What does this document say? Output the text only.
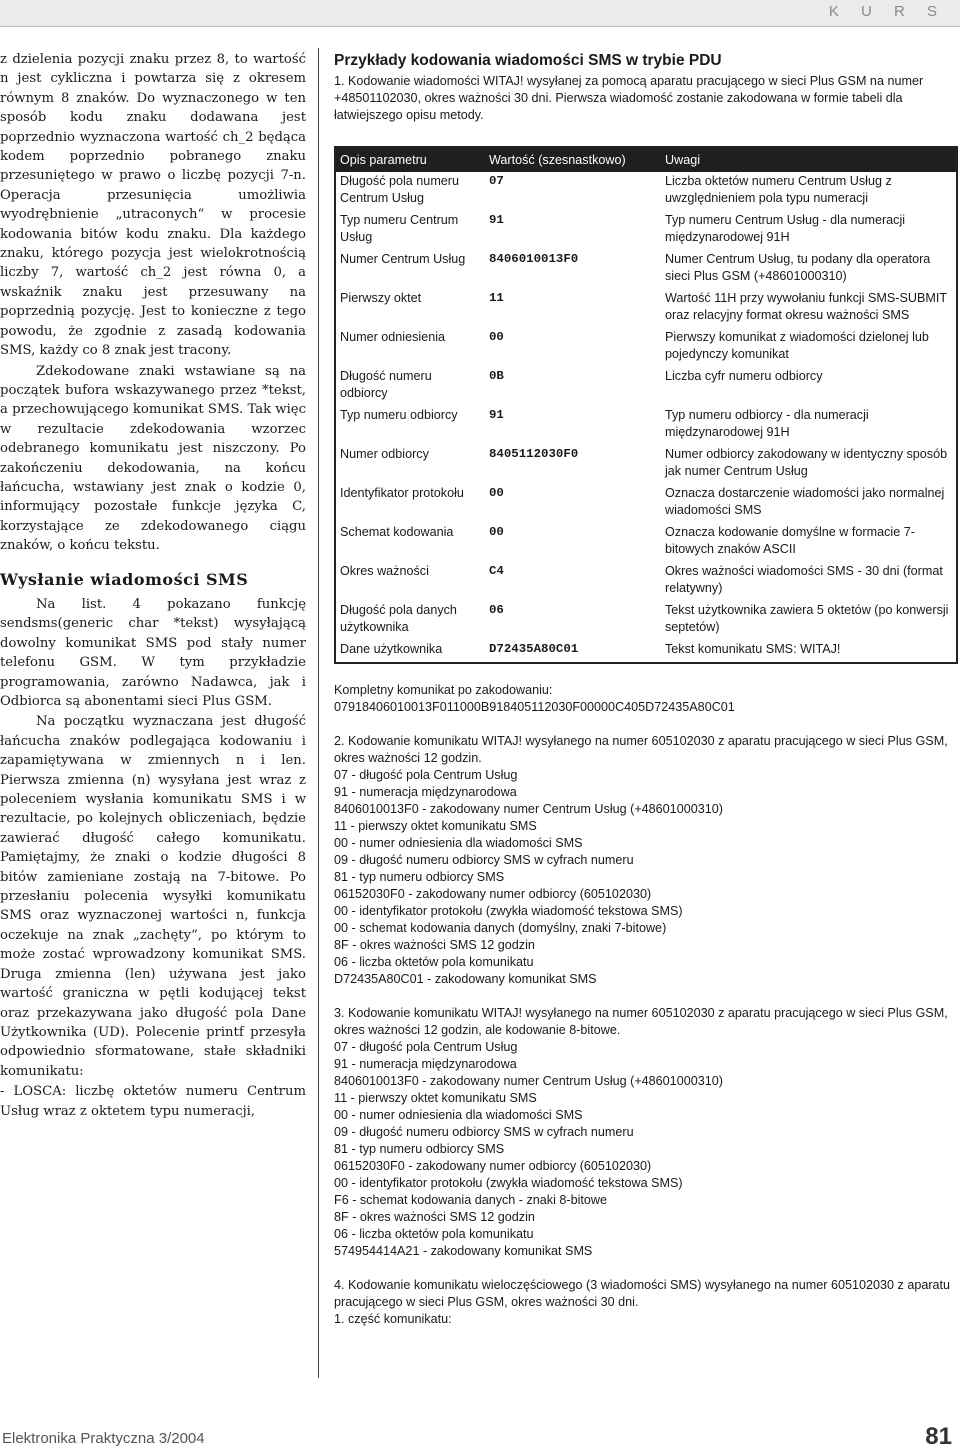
K U R S

z dzielenia pozycji znaku przez 8, to wartość n jest cykliczna i powtarza się z okresem równym 8 znaków. Do wyznaczonego w ten sposób kodu znaku dodawana jest poprzednio wyznaczona wartość ch_2 będąca kodem poprzednio pobranego znaku przesuniętego w prawo o liczbę pozycji 7-n. Operacja przesunięcia umożliwia wyodrębnienie „utraconych“ w procesie kodowania bitów kodu znaku. Dla każdego znaku, którego pozycja jest wielokrotnością liczby 7, wartość ch_2 jest równa 0, a wskaźnik znaku jest przesuwany na poprzednią pozycję. Jest to konieczne z tego powodu, że zgodnie z zasadą kodowania SMS, każdy co 8 znak jest tracony.

Zdekodowane znaki wstawiane są na początek bufora wskazywanego przez *tekst, a przechowującego komunikat SMS. Tak więc w rezultacie zdekodowania wzorzec odebranego komunikatu jest niszczony. Po zakończeniu dekodowania, na końcu łańcucha, wstawiany jest znak o kodzie 0, informujący pozostałe funkcje języka C, korzystające ze zdekodowanego ciągu znaków, o końcu tekstu.

Wysłanie wiadomości SMS

Na list. 4 pokazano funkcję sendsms(generic char *tekst) wysyłającą dowolny komunikat SMS pod stały numer telefonu GSM. W tym przykładzie programowania, zarówno Nadawca, jak i Odbiorca są abonentami sieci Plus GSM.

Na początku wyznaczana jest długość łańcucha znaków podlegająca kodowaniu i zapamiętywana w zmiennych n i len. Pierwsza zmienna (n) wysyłana jest wraz z poleceniem wysłania komunikatu SMS i w rezultacie, po kolejnych obliczeniach, będzie zawierać długość całego komunikatu. Pamiętajmy, że znaki o kodzie długości 8 bitów zamieniane zostają na 7-bitowe. Po przesłaniu polecenia wysyłki komunikatu SMS oraz wyznaczonej wartości n, funkcja oczekuje na znak „zachęty“, po którym to może zostać wprowadzony komunikat SMS. Druga zmienna (len) używana jest jako wartość graniczna w pętli kodującej tekst oraz przekazywana jako długość pola Dane Użytkownika (UD). Polecenie printf przesyła odpowiednio sformatowane, stałe składniki komunikatu:

- LOSCA: liczbę oktetów numeru Centrum Usług wraz z oktetem typu numeracji,

Przykłady kodowania wiadomości SMS w trybie PDU

1. Kodowanie wiadomości WITAJ! wysyłanej za pomocą aparatu pracującego w sieci Plus GSM na numer +48501102030, okres ważności 30 dni. Pierwsza wiadomość zostanie zakodowana w formie tabeli dla łatwiejszego opisu metody.

Opis parametru	Wartość (szesnastkowo)	Uwagi
Długość pola numeru Centrum Usług	07	Liczba oktetów numeru Centrum Usług z uwzględnieniem pola typu numeracji
Typ numeru Centrum Usług	91	Typ numeru Centrum Usług - dla numeracji międzynarodowej 91H
Numer Centrum Usług	8406010013F0	Numer Centrum Usług, tu podany dla operatora sieci Plus GSM (+48601000310)
Pierwszy oktet	11	Wartość 11H przy wywołaniu funkcji SMS-SUBMIT oraz relacyjny format okresu ważności SMS
Numer odniesienia	00	Pierwszy komunikat z wiadomości dzielonej lub pojedynczy komunikat
Długość numeru odbiorcy	0B	Liczba cyfr numeru odbiorcy
Typ numeru odbiorcy	91	Typ numeru odbiorcy - dla numeracji międzynarodowej 91H
Numer odbiorcy	8405112030F0	Numer odbiorcy zakodowany w identyczny sposób jak numer Centrum Usług
Identyfikator protokołu	00	Oznacza dostarczenie wiadomości jako normalnej wiadomości SMS
Schemat kodowania	00	Oznacza kodowanie domyślne w formacie 7-bitowych znaków ASCII
Okres ważności	C4	Okres ważności wiadomości SMS - 30 dni (format relatywny)
Długość pola danych użytkownika	06	Tekst użytkownika zawiera 5 oktetów (po konwersji septetów)
Dane użytkownika	D72435A80C01	Tekst komunikatu SMS: WITAJ!

Kompletny komunikat po zakodowaniu:

07918406010013F011000B918405112030F00000C405D72435A80C01

2. Kodowanie komunikatu WITAJ! wysyłanego na numer 605102030 z aparatu pracującego w sieci Plus GSM, okres ważności 12 godzin.

07 - długość pola Centrum Usług

91 - numeracja międzynarodowa

8406010013F0 - zakodowany numer Centrum Usług (+48601000310)

11 - pierwszy oktet komunikatu SMS

00 - numer odniesienia dla wiadomości SMS

09 - długość numeru odbiorcy SMS w cyfrach numeru

81 - typ numeru odbiorcy SMS

06152030F0 - zakodowany numer odbiorcy (605102030)

00 - identyfikator protokołu (zwykła wiadomość tekstowa SMS)

00 - schemat kodowania danych (domyślny, znaki 7-bitowe)

8F - okres ważności SMS 12 godzin

06 - liczba oktetów pola komunikatu

D72435A80C01 - zakodowany komunikat SMS

3. Kodowanie komunikatu WITAJ! wysyłanego na numer 605102030 z aparatu pracującego w sieci Plus GSM, okres ważności 12 godzin, ale kodowanie 8-bitowe.

07 - długość pola Centrum Usług

91 - numeracja międzynarodowa

8406010013F0 - zakodowany numer Centrum Usług (+48601000310)

11 - pierwszy oktet komunikatu SMS

00 - numer odniesienia dla wiadomości SMS

09 - długość numeru odbiorcy SMS w cyfrach numeru

81 - typ numeru odbiorcy SMS

06152030F0 - zakodowany numer odbiorcy (605102030)

00 - identyfikator protokołu (zwykła wiadomość tekstowa SMS)

F6 - schemat kodowania danych - znaki 8-bitowe

8F - okres ważności SMS 12 godzin

06 - liczba oktetów pola komunikatu

574954414A21 - zakodowany komunikat SMS

4. Kodowanie komunikatu wieloczęściowego (3 wiadomości SMS) wysyłanego na numer 605102030 z aparatu pracującego w sieci Plus GSM, okres ważności 30 dni.

1. część komunikatu:

Elektronika Praktyczna 3/2004	81
